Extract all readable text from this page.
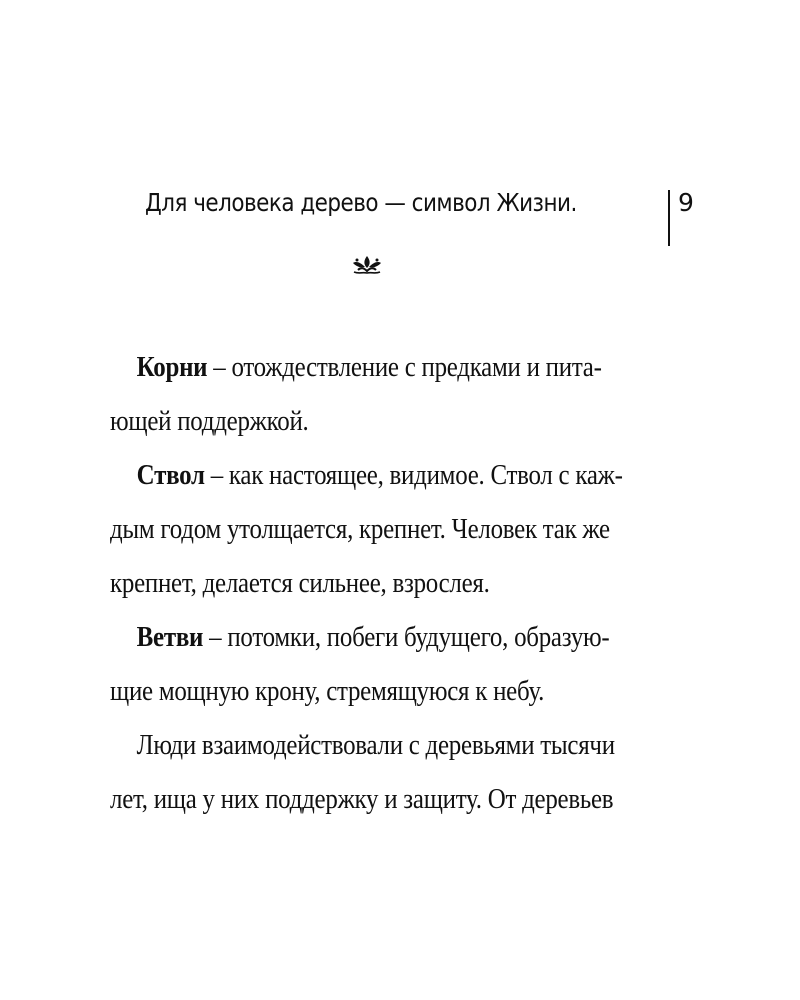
Для человека дерево — символ Жизни.	9
Корни – отождествление с предками и пита-
ющей поддержкой.
Ствол – как настоящее, видимое. Ствол с каж-
дым годом утолщается, крепнет. Человек так же
крепнет, делается сильнее, взрослея.
Ветви – потомки, побеги будущего, образую-
щие мощную крону, стремящуюся к небу.
Люди взаимодействовали с деревьями тысячи
лет, ища у них поддержку и защиту. От деревьев
